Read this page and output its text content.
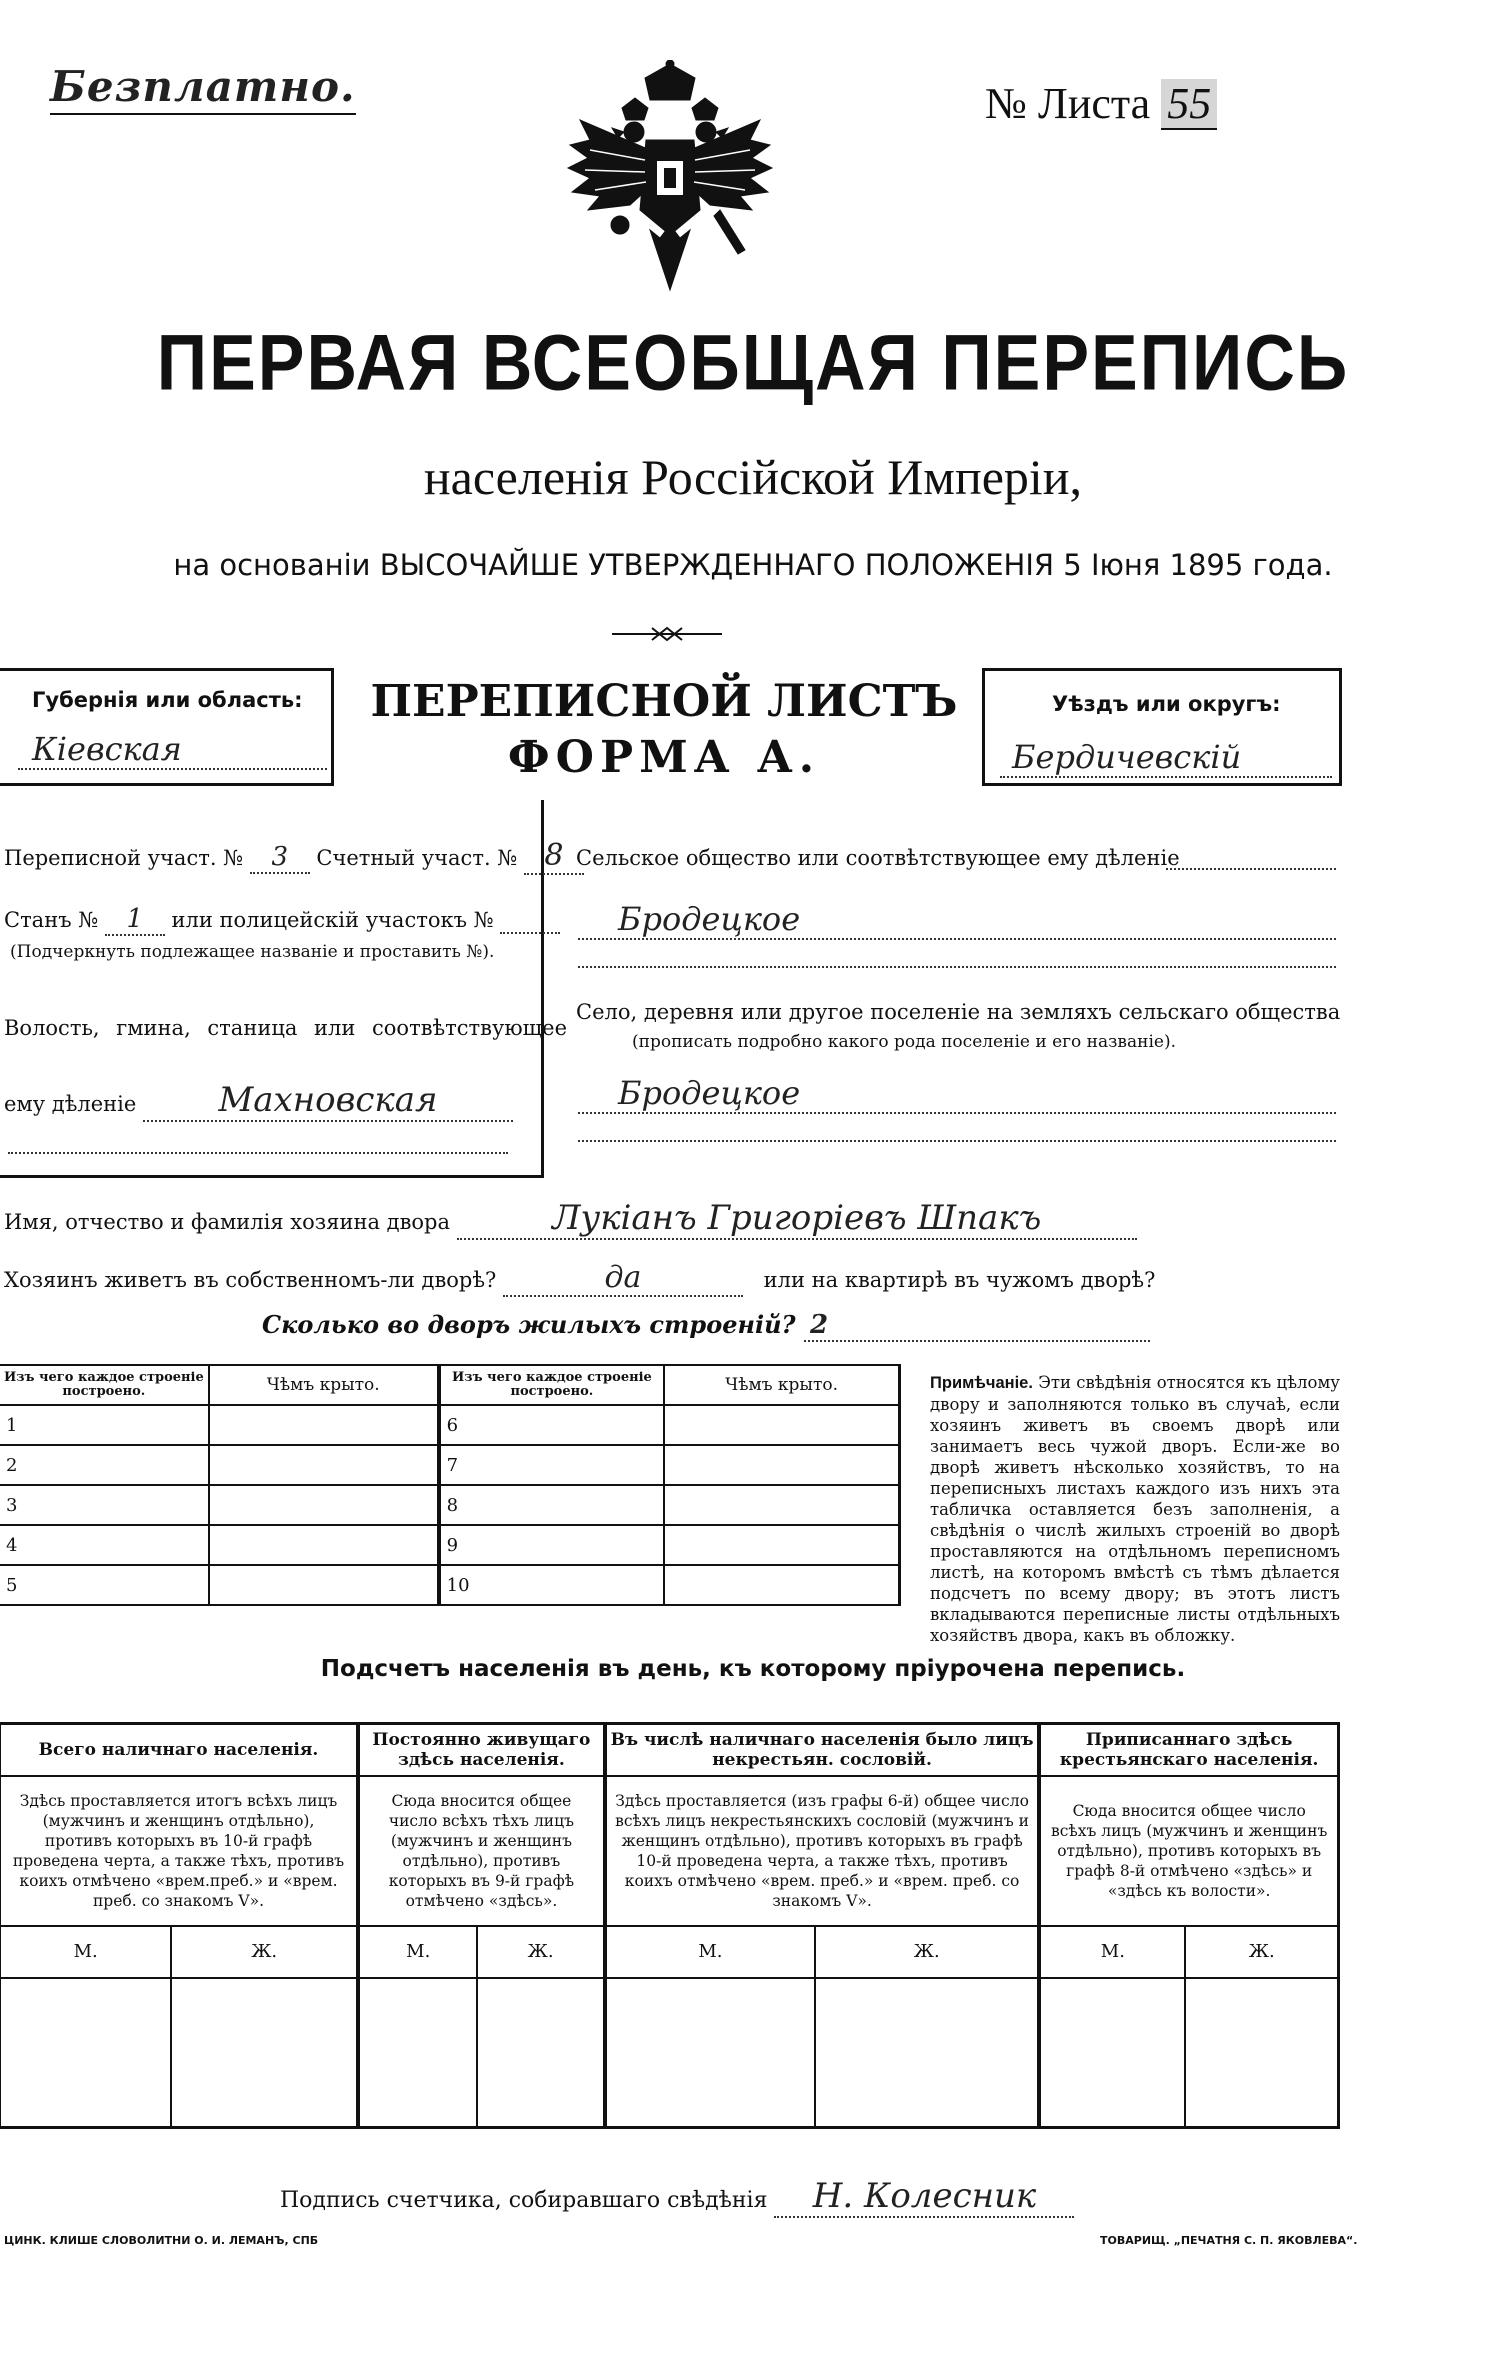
Безплатно.	№ Листа 55
ПЕРВАЯ ВСЕОБЩАЯ ПЕРЕПИСЬ
населенія Россійской Имперіи,
на основаніи ВЫСОЧАЙШЕ УТВЕРЖДЕННАГО ПОЛОЖЕНІЯ 5 Іюня 1895 года.
Губернія или область:
Кіевская
ПЕРЕПИСНОЙ ЛИСТЪ
ФОРМА А.
Уѣздъ или округъ:
Бердичевскій
Переписной участ. № 3 Счетный участ. № 8
Станъ № 1 или полицейскій участокъ №
(Подчеркнуть подлежащее названіе и проставить №).
Волость, гмина, станица или соотвѣтствующее
ему дѣленіе Махновская
Сельское общество или соотвѣтствующее ему дѣленіе
Бродецкое
Село, деревня или другое поселеніе на земляхъ сельскаго общества
(прописать подробно какого рода поселеніе и его названіе).
Бродецкое
Имя, отчество и фамилія хозяина двора	Лукіанъ Григоріевъ Шпакъ
Хозяинъ живетъ въ собственномъ-ли дворѣ?	да	или на квартирѣ въ чужомъ дворѣ?
Сколько во дворъ жилыхъ строеній? 2
Изъ чего каждое строеніе построено.	Чѣмъ крыто.	Изъ чего каждое строеніе построено.	Чѣмъ крыто.
1		6	
2		7	
3		8	
4		9	
5		10	
Примѣчаніе. Эти свѣдѣнія относятся къ цѣлому двору и заполняются только въ случаѣ, если хозяинъ живетъ въ своемъ дворѣ или занимаетъ весь чужой дворъ. Если-же во дворѣ живетъ нѣсколько хозяйствъ, то на переписныхъ листахъ каждого изъ нихъ эта табличка оставляется безъ заполненія, а свѣдѣнія о числѣ жилыхъ строеній во дворѣ проставляются на отдѣльномъ переписномъ листѣ, на которомъ вмѣстѣ съ тѣмъ дѣлается подсчетъ по всему двору; въ этотъ листъ вкладываются переписные листы отдѣльныхъ хозяйствъ двора, какъ въ обложку.
Подсчетъ населенія въ день, къ которому пріурочена перепись.
Всего наличнаго населенія.		Постоянно живущаго здѣсь населенія.		Въ числѣ наличнаго населенія было лицъ некрестьян. сословій.		Приписаннаго здѣсь крестьянскаго населенія.	
Здѣсь проставляется итогъ всѣхъ лицъ (мужчинъ и женщинъ отдѣльно), противъ которыхъ въ 10-й графѣ проведена черта, а также тѣхъ, противъ коихъ отмѣчено «врем.преб.» и «врем. преб. со знакомъ V».		Сюда вносится общее число всѣхъ тѣхъ лицъ (мужчинъ и женщинъ отдѣльно), противъ которыхъ въ 9-й графѣ отмѣчено «здѣсь».		Здѣсь проставляется (изъ графы 6-й) общее число всѣхъ лицъ некрестьянскихъ сословій (мужчинъ и женщинъ отдѣльно), противъ которыхъ въ графѣ 10-й проведена черта, а также тѣхъ, противъ коихъ отмѣчено «врем. преб.» и «врем. преб. со знакомъ V».		Сюда вносится общее число всѣхъ лицъ (мужчинъ и женщинъ отдѣльно), противъ которыхъ въ графѣ 8-й отмѣчено «здѣсь» и «здѣсь къ волости».	
М.	Ж.	М.	Ж.	М.	Ж.	М.	Ж.

Подпись счетчика, собиравшаго свѣдѣнія Н. Колесник
ЦИНК. КЛИШЕ СЛОВОЛИТНИ О. И. ЛЕМАНЪ, СПБ	ТОВАРИЩ. „ПЕЧАТНЯ С. П. ЯКОВЛЕВА“.
